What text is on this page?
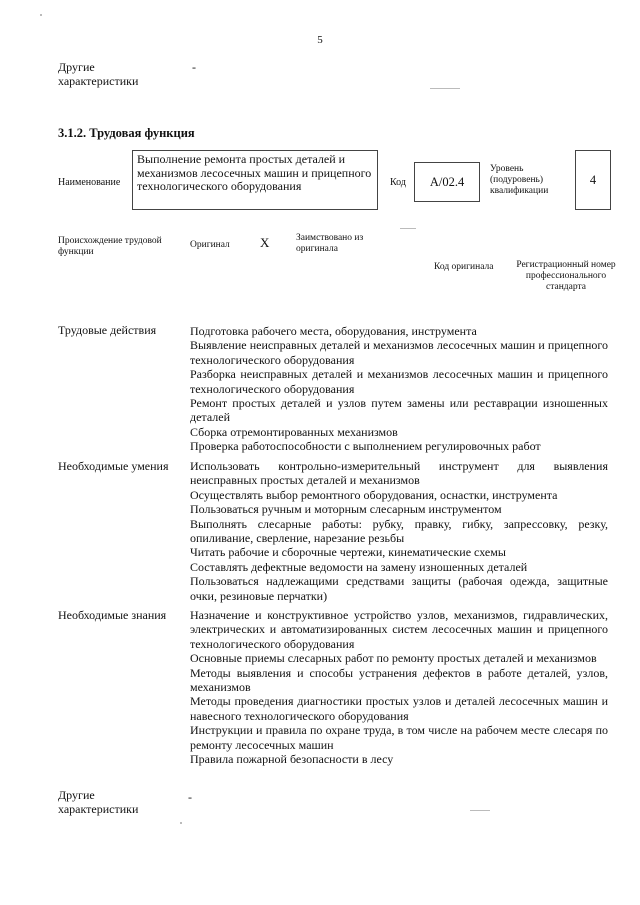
5
Другие характеристики
-
3.1.2. Трудовая функция
Наименование
Выполнение ремонта простых деталей и механизмов лесосечных машин и прицепного технологического оборудования	Код	A/02.4
Уровень (подуровень) квалификации
4
Происхождение трудовой функции
Оригинал X	Заимствовано из оригинала
Код оригинала Регистрационный номер профессионального стандарта
Трудовые действия	Подготовка рабочего места, оборудования, инструмента

Выявление неисправных деталей и механизмов лесосечных машин и прицепного технологического оборудования

Разборка неисправных деталей и механизмов лесосечных машин и прицепного технологического оборудования

Ремонт простых деталей и узлов путем замены или реставрации изношенных деталей

Сборка отремонтированных механизмов

Проверка работоспособности с выполнением регулировочных работ

Необходимые умения	Использовать контрольно-измерительный инструмент для выявления неисправных простых деталей и механизмов

Осуществлять выбор ремонтного оборудования, оснастки, инструмента

Пользоваться ручным и моторным слесарным инструментом

Выполнять слесарные работы: рубку, правку, гибку, запрессовку, резку, опиливание, сверление, нарезание резьбы

Читать рабочие и сборочные чертежи, кинематические схемы

Составлять дефектные ведомости на замену изношенных деталей

Пользоваться надлежащими средствами защиты (рабочая одежда, защитные очки, резиновые перчатки)

Необходимые знания	Назначение и конструктивное устройство узлов, механизмов, гидравлических, электрических и автоматизированных систем лесосечных машин и прицепного технологического оборудования

Основные приемы слесарных работ по ремонту простых деталей и механизмов

Методы выявления и способы устранения дефектов в работе деталей, узлов, механизмов

Методы проведения диагностики простых узлов и деталей лесосечных машин и навесного технологического оборудования

Инструкции и правила по охране труда, в том числе на рабочем месте слесаря по ремонту лесосечных машин

Правила пожарной безопасности в лесу

Другие характеристики
-
